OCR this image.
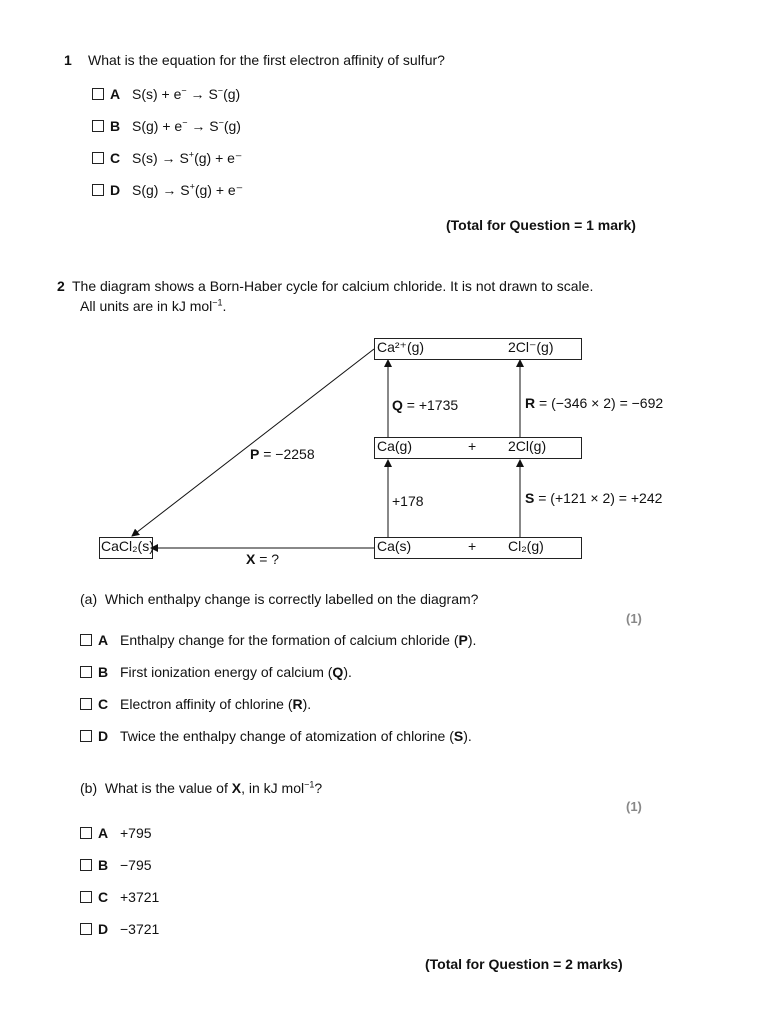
1 What is the equation for the first electron affinity of sulfur?
A S(s) + e− → S−(g)
B S(g) + e− → S−(g)
C S(s) → S+(g) + e⁻
D S(g) → S+(g) + e⁻
(Total for Question = 1 mark)
2 The diagram shows a Born-Haber cycle for calcium chloride. It is not drawn to scale.
All units are in kJ mol$^{-1}$.
Ca²⁺(g)	2Cl⁻(g)
Ca(g)	+ 2Cl(g)
Ca(s)	+ Cl₂(g)
CaCl₂(s)
P = −2258
Q = +1735	R = (−346 × 2) = −692
+178	S = (+121 × 2) = +242
X = ?
(a) Which enthalpy change is correctly labelled on the diagram?
(1)
A Enthalpy change for the formation of calcium chloride (P).
B First ionization energy of calcium (Q).
C Electron affinity of chlorine (R).
D Twice the enthalpy change of atomization of chlorine (S).
(b) What is the value of X, in kJ mol$^{-1}$?
(1)
A +795
B −795
C +3721
D −3721
(Total for Question = 2 marks)
